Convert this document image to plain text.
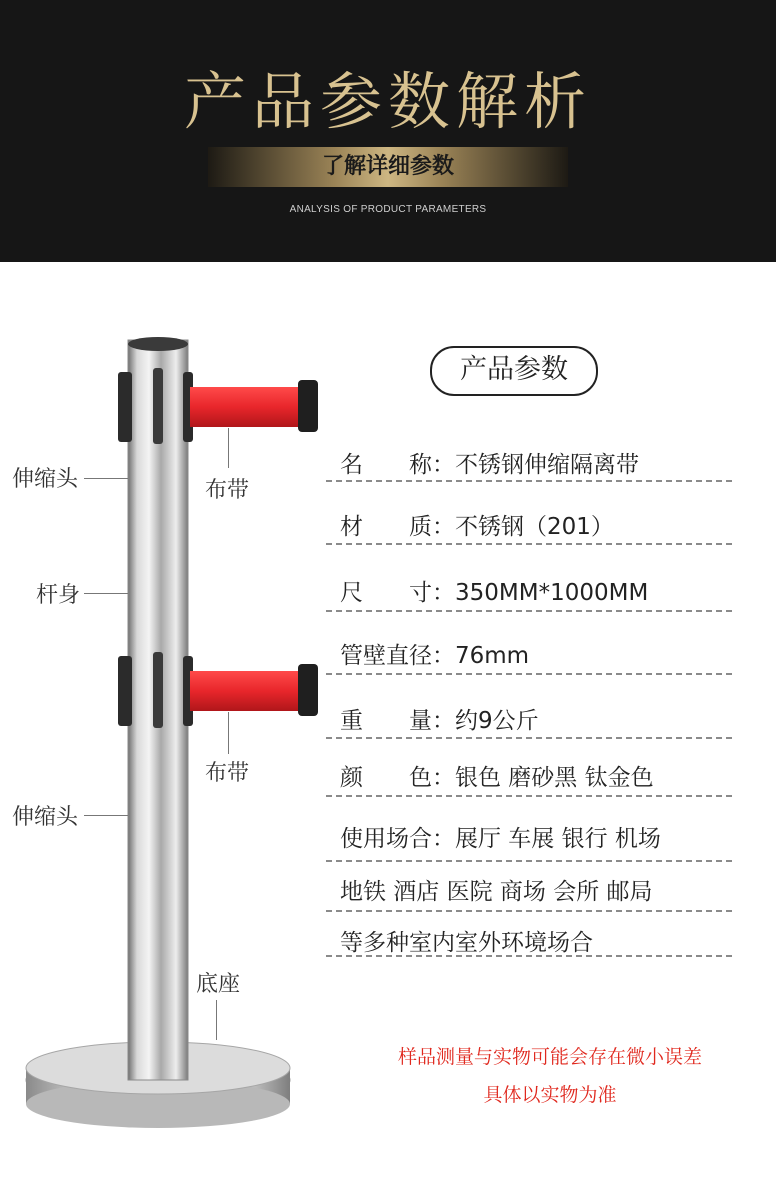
产品参数解析
了解详细参数
ANALYSIS OF PRODUCT PARAMETERS
伸缩头
杆身
伸缩头
布带
布带
底座
产品参数
名　　称：不锈钢伸缩隔离带
材　　质：不锈钢（201）
尺　　寸：350MM*1000MM
管壁直径：76mm
重　　量：约9公斤
颜　　色：银色 磨砂黑 钛金色
使用场合：展厅 车展 银行 机场
地铁 酒店 医院 商场 会所 邮局
等多种室内室外环境场合
样品测量与实物可能会存在微小误差
具体以实物为准
